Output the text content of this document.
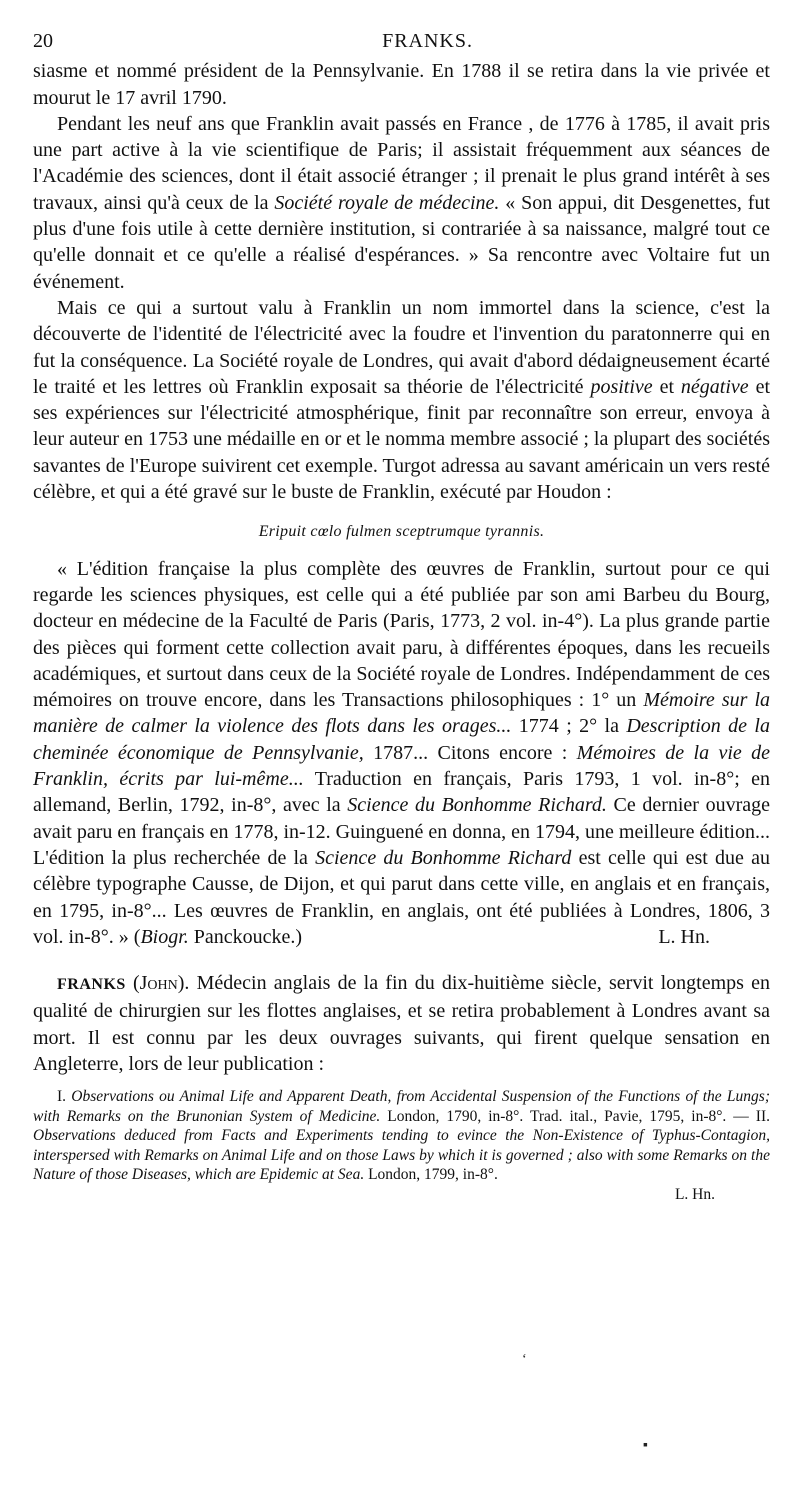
20	FRANKS.

siasme et nommé président de la Pennsylvanie. En 1788 il se retira dans la vie privée et mourut le 17 avril 1790.

Pendant les neuf ans que Franklin avait passés en France , de 1776 à 1785, il avait pris une part active à la vie scientifique de Paris; il assistait fréquemment aux séances de l'Académie des sciences, dont il était associé étranger ; il prenait le plus grand intérêt à ses travaux, ainsi qu'à ceux de la Société royale de médecine. « Son appui, dit Desgenettes, fut plus d'une fois utile à cette dernière institution, si contrariée à sa naissance, malgré tout ce qu'elle donnait et ce qu'elle a réalisé d'espérances. » Sa rencontre avec Voltaire fut un événement.

Mais ce qui a surtout valu à Franklin un nom immortel dans la science, c'est la découverte de l'identité de l'électricité avec la foudre et l'invention du paratonnerre qui en fut la conséquence. La Société royale de Londres, qui avait d'abord dédaigneusement écarté le traité et les lettres où Franklin exposait sa théorie de l'électricité positive et négative et ses expériences sur l'électricité atmosphérique, finit par reconnaître son erreur, envoya à leur auteur en 1753 une médaille en or et le nomma membre associé ; la plupart des sociétés savantes de l'Europe suivirent cet exemple. Turgot adressa au savant américain un vers resté célèbre, et qui a été gravé sur le buste de Franklin, exécuté par Houdon :

Eripuit cœlo fulmen sceptrumque tyrannis.

« L'édition française la plus complète des œuvres de Franklin, surtout pour ce qui regarde les sciences physiques, est celle qui a été publiée par son ami Barbeu du Bourg, docteur en médecine de la Faculté de Paris (Paris, 1773, 2 vol. in-4°). La plus grande partie des pièces qui forment cette collection avait paru, à différentes époques, dans les recueils académiques, et surtout dans ceux de la Société royale de Londres. Indépendamment de ces mémoires on trouve encore, dans les Transactions philosophiques : 1° un Mémoire sur la manière de calmer la violence des flots dans les orages... 1774 ; 2° la Description de la cheminée économique de Pennsylvanie, 1787... Citons encore : Mémoires de la vie de Franklin, écrits par lui-même... Traduction en français, Paris 1793, 1 vol. in-8°; en allemand, Berlin, 1792, in-8°, avec la Science du Bonhomme Richard. Ce dernier ouvrage avait paru en français en 1778, in-12. Guinguené en donna, en 1794, une meilleure édition... L'édition la plus recherchée de la Science du Bonhomme Richard est celle qui est due au célèbre typographe Causse, de Dijon, et qui parut dans cette ville, en anglais et en français, en 1795, in-8°... Les œuvres de Franklin, en anglais, ont été publiées à Londres, 1806, 3 vol. in-8°. » (Biogr. Panckoucke.)	L. Hn.

FRANKS (John). Médecin anglais de la fin du dix-huitième siècle, servit longtemps en qualité de chirurgien sur les flottes anglaises, et se retira probablement à Londres avant sa mort. Il est connu par les deux ouvrages suivants, qui firent quelque sensation en Angleterre, lors de leur publication :

I. Observations ou Animal Life and Apparent Death, from Accidental Suspension of the Functions of the Lungs; with Remarks on the Brunonian System of Medicine. London, 1790, in-8°. Trad. ital., Pavie, 1795, in-8°. — II. Observations deduced from Facts and Experiments tending to evince the Non-Existence of Typhus-Contagion, interspersed with Remarks on Animal Life and on those Laws by which it is governed ; also with some Remarks on the Nature of those Diseases, which are Epidemic at Sea. London, 1799, in-8°.

L. Hn.
ʻ
▪
